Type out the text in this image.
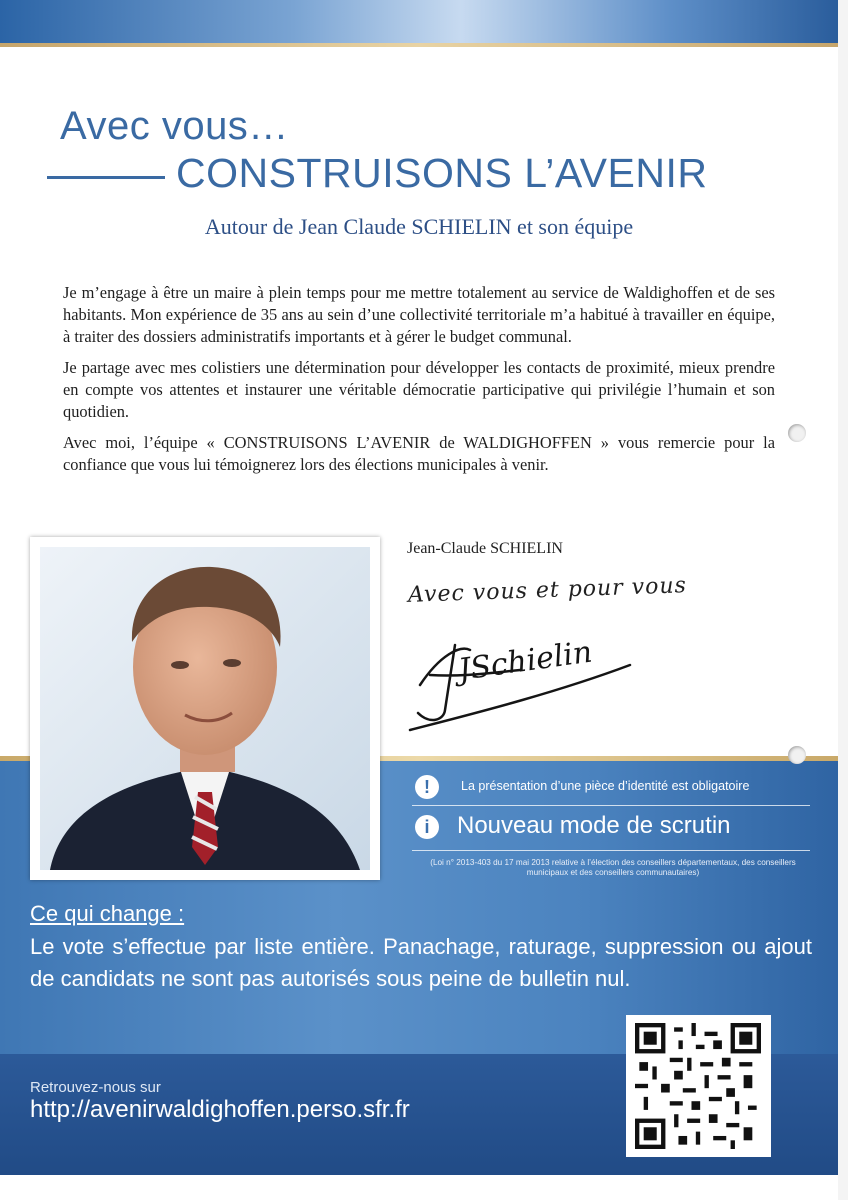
Avec vous…
CONSTRUISONS L’AVENIR
Autour de Jean Claude SCHIELIN et son équipe

Je m’engage à être un maire à plein temps pour me mettre totalement au service de Waldighoffen et de ses habitants. Mon expérience de 35 ans au sein d’une collectivité territoriale m’a habitué à travailler en équipe, à traiter des dossiers administratifs importants et à gérer le budget communal.

Je partage avec mes colistiers une détermination pour développer les contacts de proximité, mieux prendre en compte vos attentes et instaurer une véritable démocratie participative qui privilégie l’humain et son quotidien.

Avec moi, l’équipe « CONSTRUISONS L’AVENIR de WALDIGHOFFEN » vous remercie pour la confiance que vous lui témoignerez lors des élections municipales à venir.

Jean-Claude SCHIELIN
Avec vous et pour vous
JSchielin
!	La présentation d’une pièce d’identité est obligatoire
i	Nouveau mode de scrutin
(Loi n° 2013-403 du 17 mai 2013 relative à l’élection des conseillers départementaux, des conseillers municipaux et des conseillers communautaires)
Ce qui change :
Le vote s’effectue par liste entière. Panachage, raturage, suppression ou ajout de candidats ne sont pas autorisés sous peine de bulletin nul.
Retrouvez-nous sur
http://avenirwaldighoffen.perso.sfr.fr
